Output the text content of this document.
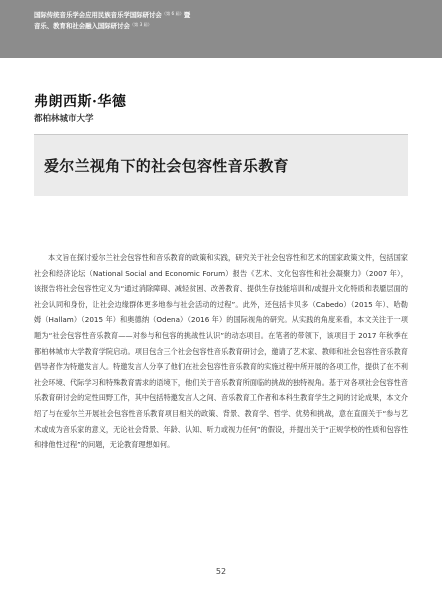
国际传统音乐学会应用民族音乐学国际研讨会$^{(第 6 届)}$暨
音乐、教育和社会融入国际研讨会$^{(第 3 届)}$
弗朗西斯·华德
都柏林城市大学
爱尔兰视角下的社会包容性音乐教育
本文旨在探讨爱尔兰社会包容性和音乐教育的政策和实践，研究关于社会包容性和艺术的国家政策文件，包括国家社会和经济论坛（National Social and Economic Forum）报告《艺术、文化包容性和社会凝聚力》（2007 年），该报告将社会包容性定义为“通过消除障碍、减轻贫困、改善教育、提供生存技能培训和/或提升文化特质和表靥层面的社会认同和身份，让社会边缘群体更多地参与社会活动的过程”。此外，还包括卡贝多（Cabedo）（2015 年）、哈勒姆（Hallam）（2015 年）和奥德纳（Odena）（2016 年）的国际视角的研究。从实践的角度来看，本文关注于一项题为“社会包容性音乐教育——对参与和包容的挑战性认识”的动态项目。在笔者的带领下，该项目于 2017 年秋季在都柏林城市大学教育学院启动。项目包含三个社会包容性音乐教育研讨会，邀请了艺术家、教师和社会包容性音乐教育倡导者作为特邀发言人。特邀发言人分享了他们在社会包容性音乐教育的实施过程中所开展的各项工作，提供了在不利社会环境、代际学习和特殊教育需求的语境下，他们关于音乐教育所面临的挑战的独特视角。基于对各项社会包容性音乐教育研讨会的定性田野工作，其中包括特邀发言人之间、音乐教育工作者和本科生教育学生之间的讨论成果，本文介绍了与在爱尔兰开展社会包容性音乐教育项目相关的政策、背景、教育学、哲学、优势和挑战，意在直面关于“参与艺术或成为音乐家的意义，无论社会背景、年龄、认知、听力或视力任何”的假设，并提出关于“正规学校的性质和包容性和排他性过程”的问题，无论教育理想如何。
52
